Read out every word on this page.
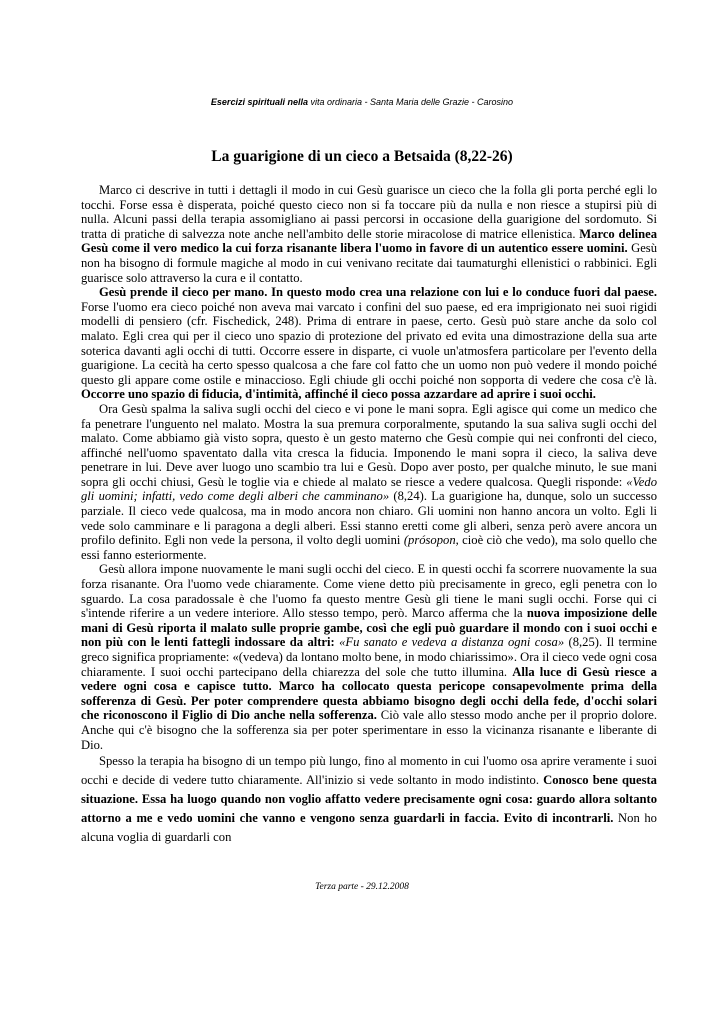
Esercizi spirituali nella vita ordinaria - Santa Maria delle Grazie - Carosino
La guarigione di un cieco a Betsaida (8,22-26)

Marco ci descrive in tutti i dettagli il modo in cui Gesù guarisce un cieco che la folla gli porta perché egli lo tocchi. Forse essa è disperata, poiché questo cieco non si fa toccare più da nulla e non riesce a stupirsi più di nulla. Alcuni passi della terapia assomigliano ai passi percorsi in occasione della guarigione del sordomuto. Si tratta di pratiche di salvezza note anche nell'ambito delle storie miracolose di matrice ellenistica. Marco delinea Gesù come il vero medico la cui forza risanante libera l'uomo in favore di un autentico essere uomini. Gesù non ha bisogno di formule magiche al modo in cui venivano recitate dai taumaturghi ellenistici o rabbinici. Egli guarisce solo attraverso la cura e il contatto.

Gesù prende il cieco per mano. In questo modo crea una relazione con lui e lo conduce fuori dal paese. Forse l'uomo era cieco poiché non aveva mai varcato i confini del suo paese, ed era imprigionato nei suoi rigidi modelli di pensiero (cfr. Fischedick, 248). Prima di entrare in paese, certo. Gesù può stare anche da solo col malato. Egli crea qui per il cieco uno spazio di protezione del privato ed evita una dimostrazione della sua arte soterica davanti agli occhi di tutti. Occorre essere in disparte, ci vuole un'atmosfera particolare per l'evento della guarigione. La cecità ha certo spesso qualcosa a che fare col fatto che un uomo non può vedere il mondo poiché questo gli appare come ostile e minaccioso. Egli chiude gli occhi poiché non sopporta di vedere che cosa c'è là. Occorre uno spazio di fiducia, d'intimità, affinché il cieco possa azzardare ad aprire i suoi occhi.

Ora Gesù spalma la saliva sugli occhi del cieco e vi pone le mani sopra. Egli agisce qui come un medico che fa penetrare l'unguento nel malato. Mostra la sua premura corporalmente, sputando la sua saliva sugli occhi del malato. Come abbiamo già visto sopra, questo è un gesto materno che Gesù compie qui nei confronti del cieco, affinché nell'uomo spaventato dalla vita cresca la fiducia. Imponendo le mani sopra il cieco, la saliva deve penetrare in lui. Deve aver luogo uno scambio tra lui e Gesù. Dopo aver posto, per qualche minuto, le sue mani sopra gli occhi chiusi, Gesù le toglie via e chiede al malato se riesce a vedere qualcosa. Quegli risponde: «Vedo gli uomini; infatti, vedo come degli alberi che camminano» (8,24). La guarigione ha, dunque, solo un successo parziale. Il cieco vede qualcosa, ma in modo ancora non chiaro. Gli uomini non hanno ancora un volto. Egli li vede solo camminare e li paragona a degli alberi. Essi stanno eretti come gli alberi, senza però avere ancora un profilo definito. Egli non vede la persona, il volto degli uomini (prósopon, cioè ciò che vedo), ma solo quello che essi fanno esteriormente.

Gesù allora impone nuovamente le mani sugli occhi del cieco. E in questi occhi fa scorrere nuovamente la sua forza risanante. Ora l'uomo vede chiaramente. Come viene detto più precisamente in greco, egli penetra con lo sguardo. La cosa paradossale è che l'uomo fa questo mentre Gesù gli tiene le mani sugli occhi. Forse qui ci s'intende riferire a un vedere interiore. Allo stesso tempo, però. Marco afferma che la nuova imposizione delle mani di Gesù riporta il malato sulle proprie gambe, così che egli può guardare il mondo con i suoi occhi e non più con le lenti fattegli indossare da altri: «Fu sanato e vedeva a distanza ogni cosa» (8,25). Il termine greco significa propriamente: «(vedeva) da lontano molto bene, in modo chiarissimo». Ora il cieco vede ogni cosa chiaramente. I suoi occhi partecipano della chiarezza del sole che tutto illumina. Alla luce di Gesù riesce a vedere ogni cosa e capisce tutto. Marco ha collocato questa pericope consapevolmente prima della sofferenza di Gesù. Per poter comprendere questa abbiamo bisogno degli occhi della fede, d'occhi solari che riconoscono il Figlio di Dio anche nella sofferenza. Ciò vale allo stesso modo anche per il proprio dolore. Anche qui c'è bisogno che la sofferenza sia per poter sperimentare in esso la vicinanza risanante e liberante di Dio.

Spesso la terapia ha bisogno di un tempo più lungo, fino al momento in cui l'uomo osa aprire veramente i suoi occhi e decide di vedere tutto chiaramente. All'inizio si vede soltanto in modo indistinto. Conosco bene questa situazione. Essa ha luogo quando non voglio affatto vedere precisamente ogni cosa: guardo allora soltanto attorno a me e vedo uomini che vanno e vengono senza guardarli in faccia. Evito di incontrarli. Non ho alcuna voglia di guardarli con

Terza parte - 29.12.2008
